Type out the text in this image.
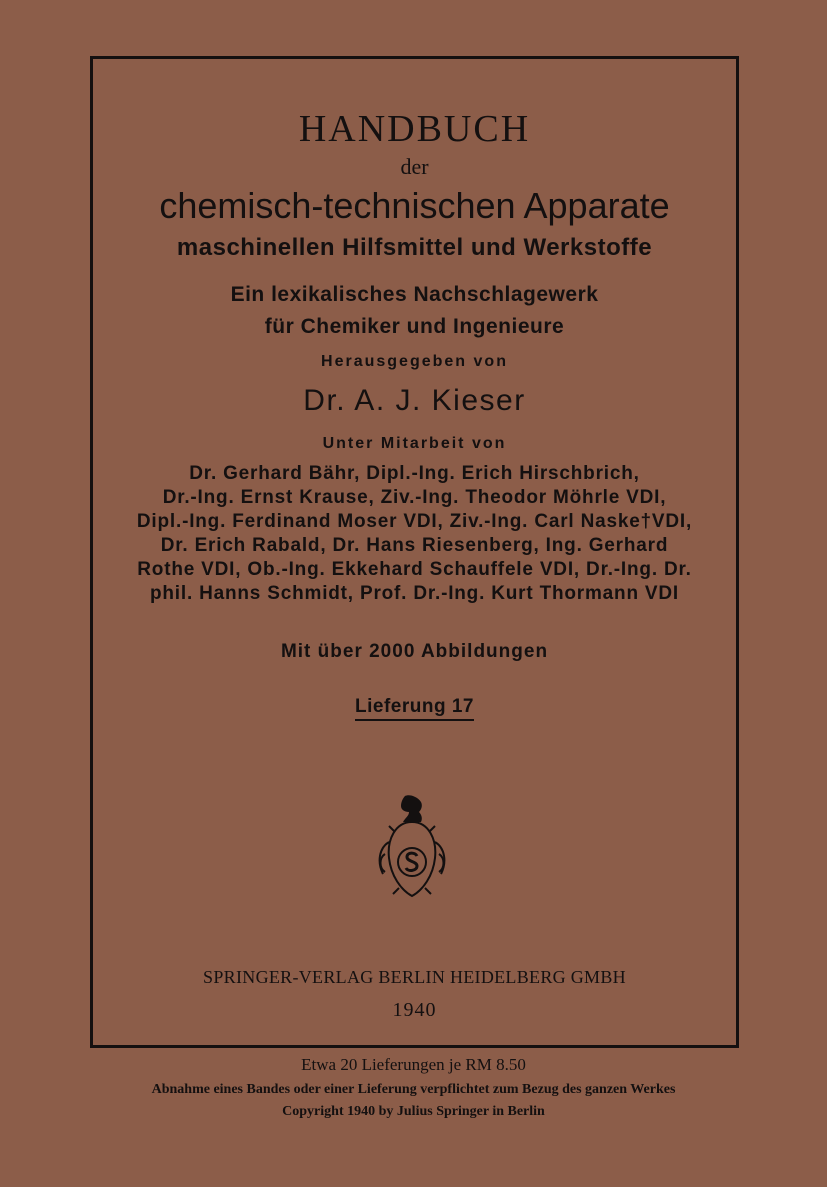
HANDBUCH
der
chemisch-technischen Apparate
maschinellen Hilfsmittel und Werkstoffe
Ein lexikalisches Nachschlagewerk
für Chemiker und Ingenieure
Herausgegeben von
Dr. A. J. Kieser
Unter Mitarbeit von
Dr. Gerhard Bähr, Dipl.-Ing. Erich Hirschbrich,
Dr.-Ing. Ernst Krause, Ziv.-Ing. Theodor Möhrle VDI,
Dipl.-Ing. Ferdinand Moser VDI, Ziv.-Ing. Carl Naske†VDI,
Dr. Erich Rabald, Dr. Hans Riesenberg, Ing. Gerhard
Rothe VDI, Ob.-Ing. Ekkehard Schauffele VDI, Dr.-Ing. Dr.
phil. Hanns Schmidt, Prof. Dr.-Ing. Kurt Thormann VDI
Mit über 2000 Abbildungen
Lieferung 17
SPRINGER-VERLAG BERLIN HEIDELBERG GMBH
1940
Etwa 20 Lieferungen je RM 8.50
Abnahme eines Bandes oder einer Lieferung verpflichtet zum Bezug des ganzen Werkes
Copyright 1940 by Julius Springer in Berlin
